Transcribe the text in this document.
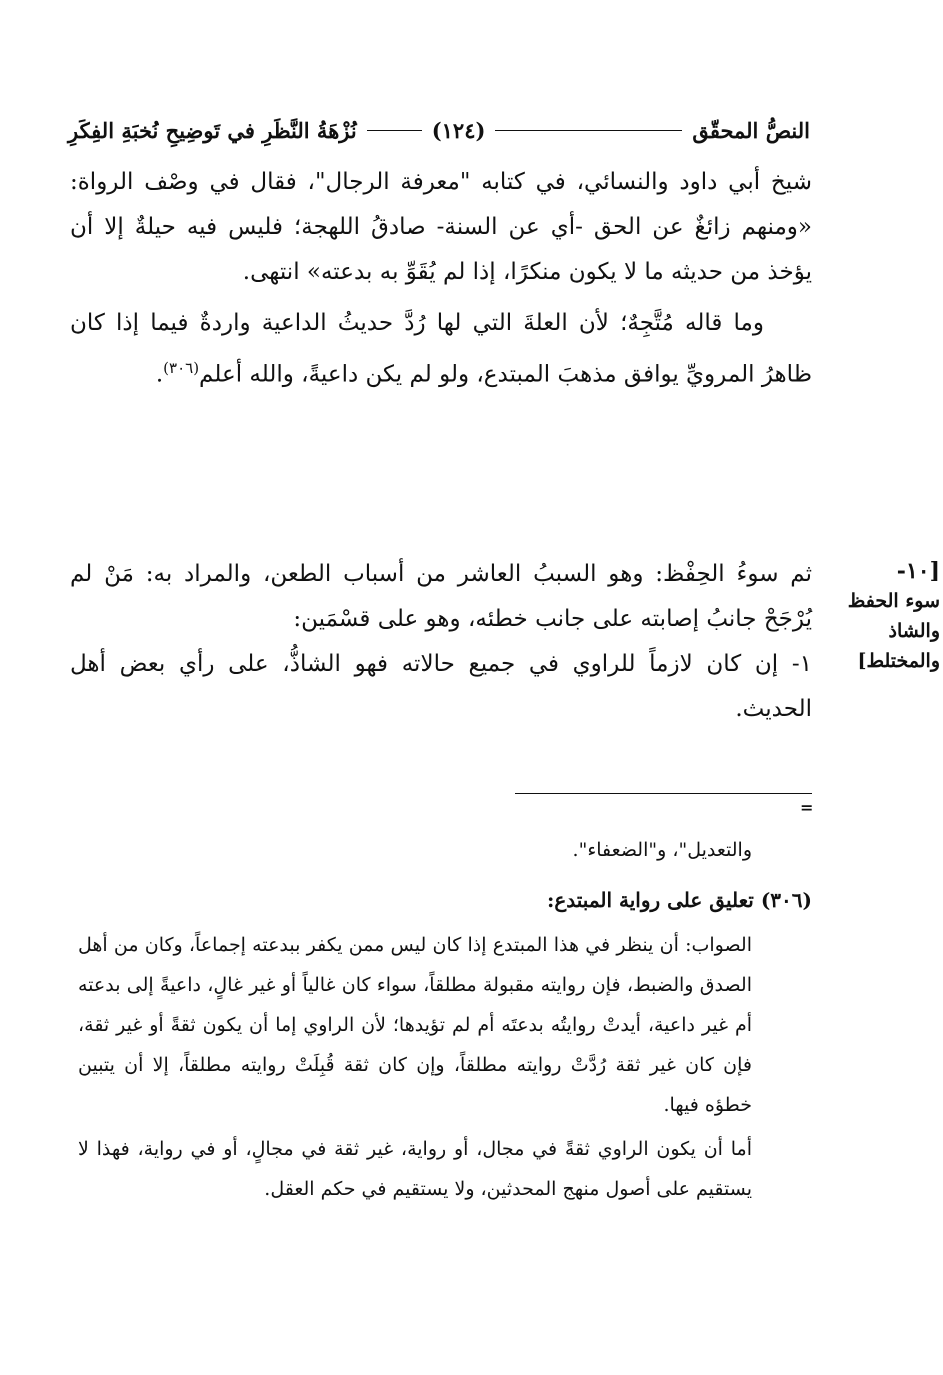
النصُّ المحقّق
(١٢٤)
نُزْهَةُ النَّظَرِ في تَوضِيحِ نُخبَةِ الفِكَرِ

شيخ أبي داود والنسائي، في كتابه "معرفة الرجال"، فقال في وصْف الرواة: «ومنهم زائغٌ عن الحق -أي عن السنة- صادقُ اللهجة؛ فليس فيه حيلةٌ إلا أن يؤخذ من حديثه ما لا يكون منكرًا، إذا لم يُقَوِّ به بدعته» انتهى.

وما قاله مُتَّجِهٌ؛ لأن العلةَ التي لها رُدَّ حديثُ الداعية واردةٌ فيما إذا كان ظاهرُ المرويِّ يوافق مذهبَ المبتدع، ولو لم يكن داعيةً، والله أعلم$^{(٣٠٦)}$.

[١٠-
سوء الحفظ
والشاذ
والمختلط]

ثم سوءُ الحِفْظ: وهو السببُ العاشر من أسباب الطعن، والمراد به: مَنْ لم يُرْجَحْ جانبُ إصابته على جانب خطئه، وهو على قسْمَين:

١- إن كان لازماً للراوي في جميع حالاته فهو الشاذُّ، على رأي بعض أهل الحديث.

=

والتعديل"، و"الضعفاء".

(٣٠٦) تعليق على رواية المبتدع:

الصواب: أن ينظر في هذا المبتدع إذا كان ليس ممن يكفر ببدعته إجماعاً، وكان من أهل الصدق والضبط، فإن روايته مقبولة مطلقاً، سواء كان غالياً أو غير غالٍ، داعيةً إلى بدعته أم غير داعية، أيدتْ روايتُه بدعتَه أم لم تؤيدها؛ لأن الراوي إما أن يكون ثقةً أو غير ثقة، فإن كان غير ثقة رُدَّتْ روايته مطلقاً، وإن كان ثقة قُبِلَتْ روايته مطلقاً، إلا أن يتبين خطؤه فيها.

أما أن يكون الراوي ثقةً في مجال، أو رواية، غير ثقة في مجالٍ، أو في رواية، فهذا لا يستقيم على أصول منهج المحدثين، ولا يستقيم في حكم العقل.
